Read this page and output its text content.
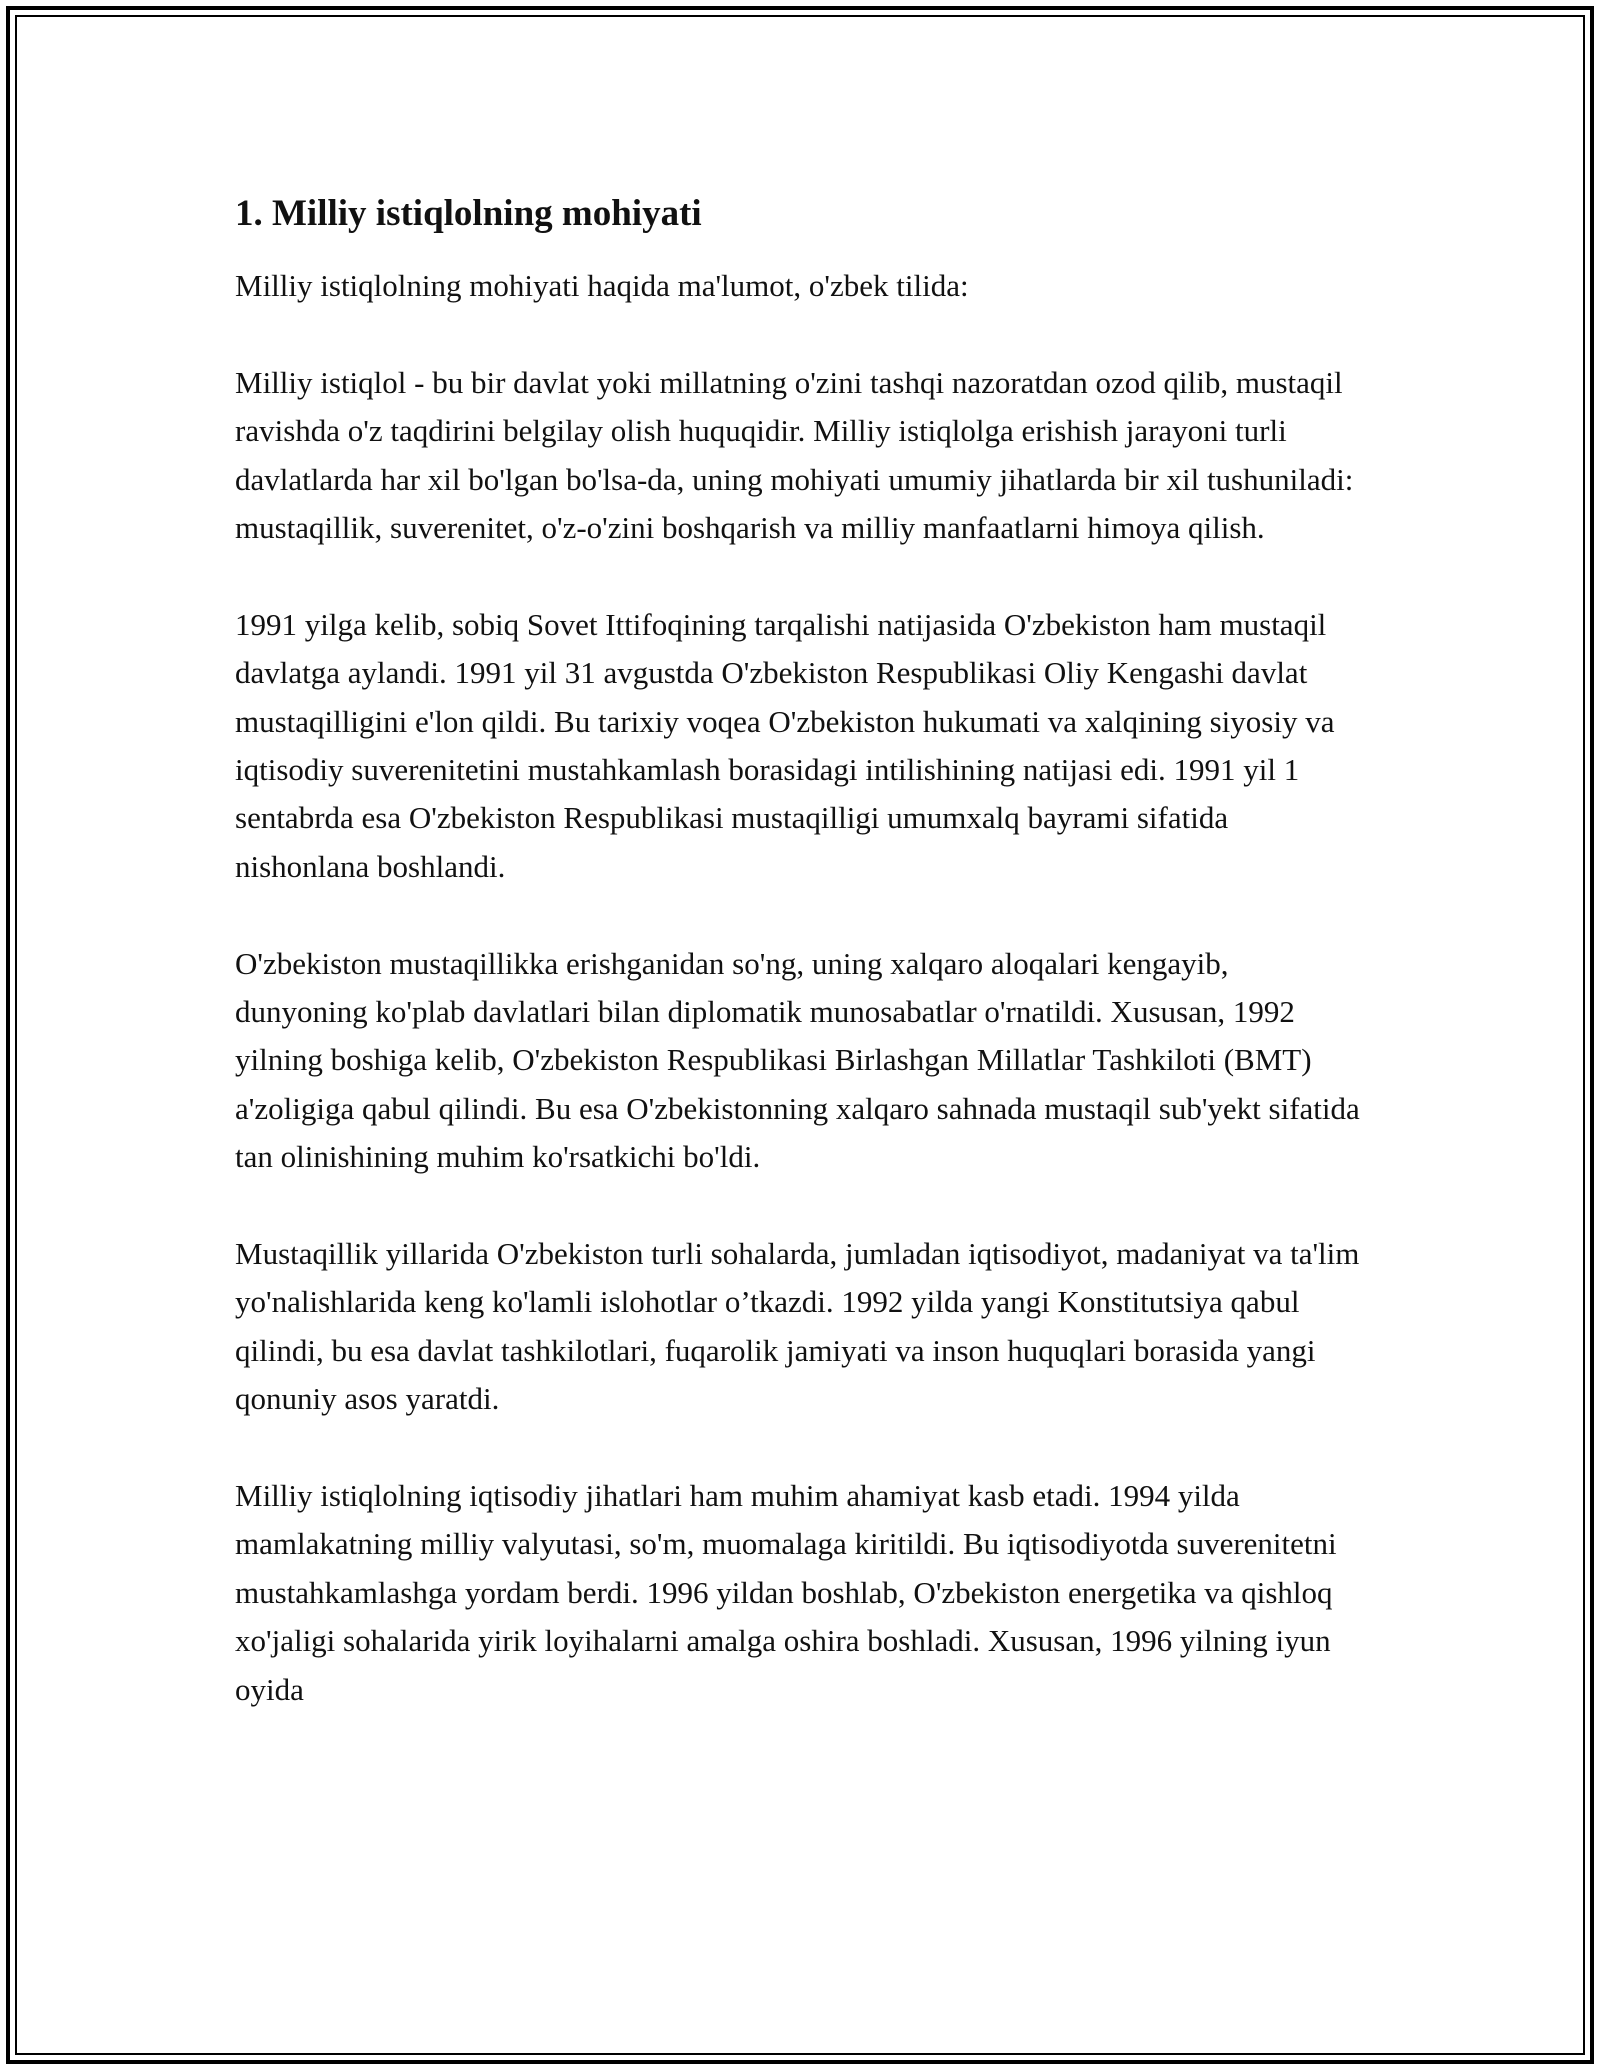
1. Milliy istiqlolning mohiyati

Milliy istiqlolning mohiyati haqida ma'lumot, o'zbek tilida:

Milliy istiqlol - bu bir davlat yoki millatning o'zini tashqi nazoratdan ozod qilib, mustaqil ravishda o'z taqdirini belgilay olish huquqidir. Milliy istiqlolga erishish jarayoni turli davlatlarda har xil bo'lgan bo'lsa-da, uning mohiyati umumiy jihatlarda bir xil tushuniladi: mustaqillik, suverenitet, o'z-o'zini boshqarish va milliy manfaatlarni himoya qilish.

1991 yilga kelib, sobiq Sovet Ittifoqining tarqalishi natijasida O'zbekiston ham mustaqil davlatga aylandi. 1991 yil 31 avgustda O'zbekiston Respublikasi Oliy Kengashi davlat mustaqilligini e'lon qildi. Bu tarixiy voqea O'zbekiston hukumati va xalqining siyosiy va iqtisodiy suverenitetini mustahkamlash borasidagi intilishining natijasi edi. 1991 yil 1 sentabrda esa O'zbekiston Respublikasi mustaqilligi umumxalq bayrami sifatida nishonlana boshlandi.

O'zbekiston mustaqillikka erishganidan so'ng, uning xalqaro aloqalari kengayib, dunyoning ko'plab davlatlari bilan diplomatik munosabatlar o'rnatildi. Xususan, 1992 yilning boshiga kelib, O'zbekiston Respublikasi Birlashgan Millatlar Tashkiloti (BMT) a'zoligiga qabul qilindi. Bu esa O'zbekistonning xalqaro sahnada mustaqil sub'yekt sifatida tan olinishining muhim ko'rsatkichi bo'ldi.

Mustaqillik yillarida O'zbekiston turli sohalarda, jumladan iqtisodiyot, madaniyat va ta'lim yo'nalishlarida keng ko'lamli islohotlar o’tkazdi. 1992 yilda yangi Konstitutsiya qabul qilindi, bu esa davlat tashkilotlari, fuqarolik jamiyati va inson huquqlari borasida yangi qonuniy asos yaratdi.

Milliy istiqlolning iqtisodiy jihatlari ham muhim ahamiyat kasb etadi. 1994 yilda mamlakatning milliy valyutasi, so'm, muomalaga kiritildi. Bu iqtisodiyotda suverenitetni mustahkamlashga yordam berdi. 1996 yildan boshlab, O'zbekiston energetika va qishloq xo'jaligi sohalarida yirik loyihalarni amalga oshira boshladi. Xususan, 1996 yilning iyun oyida
